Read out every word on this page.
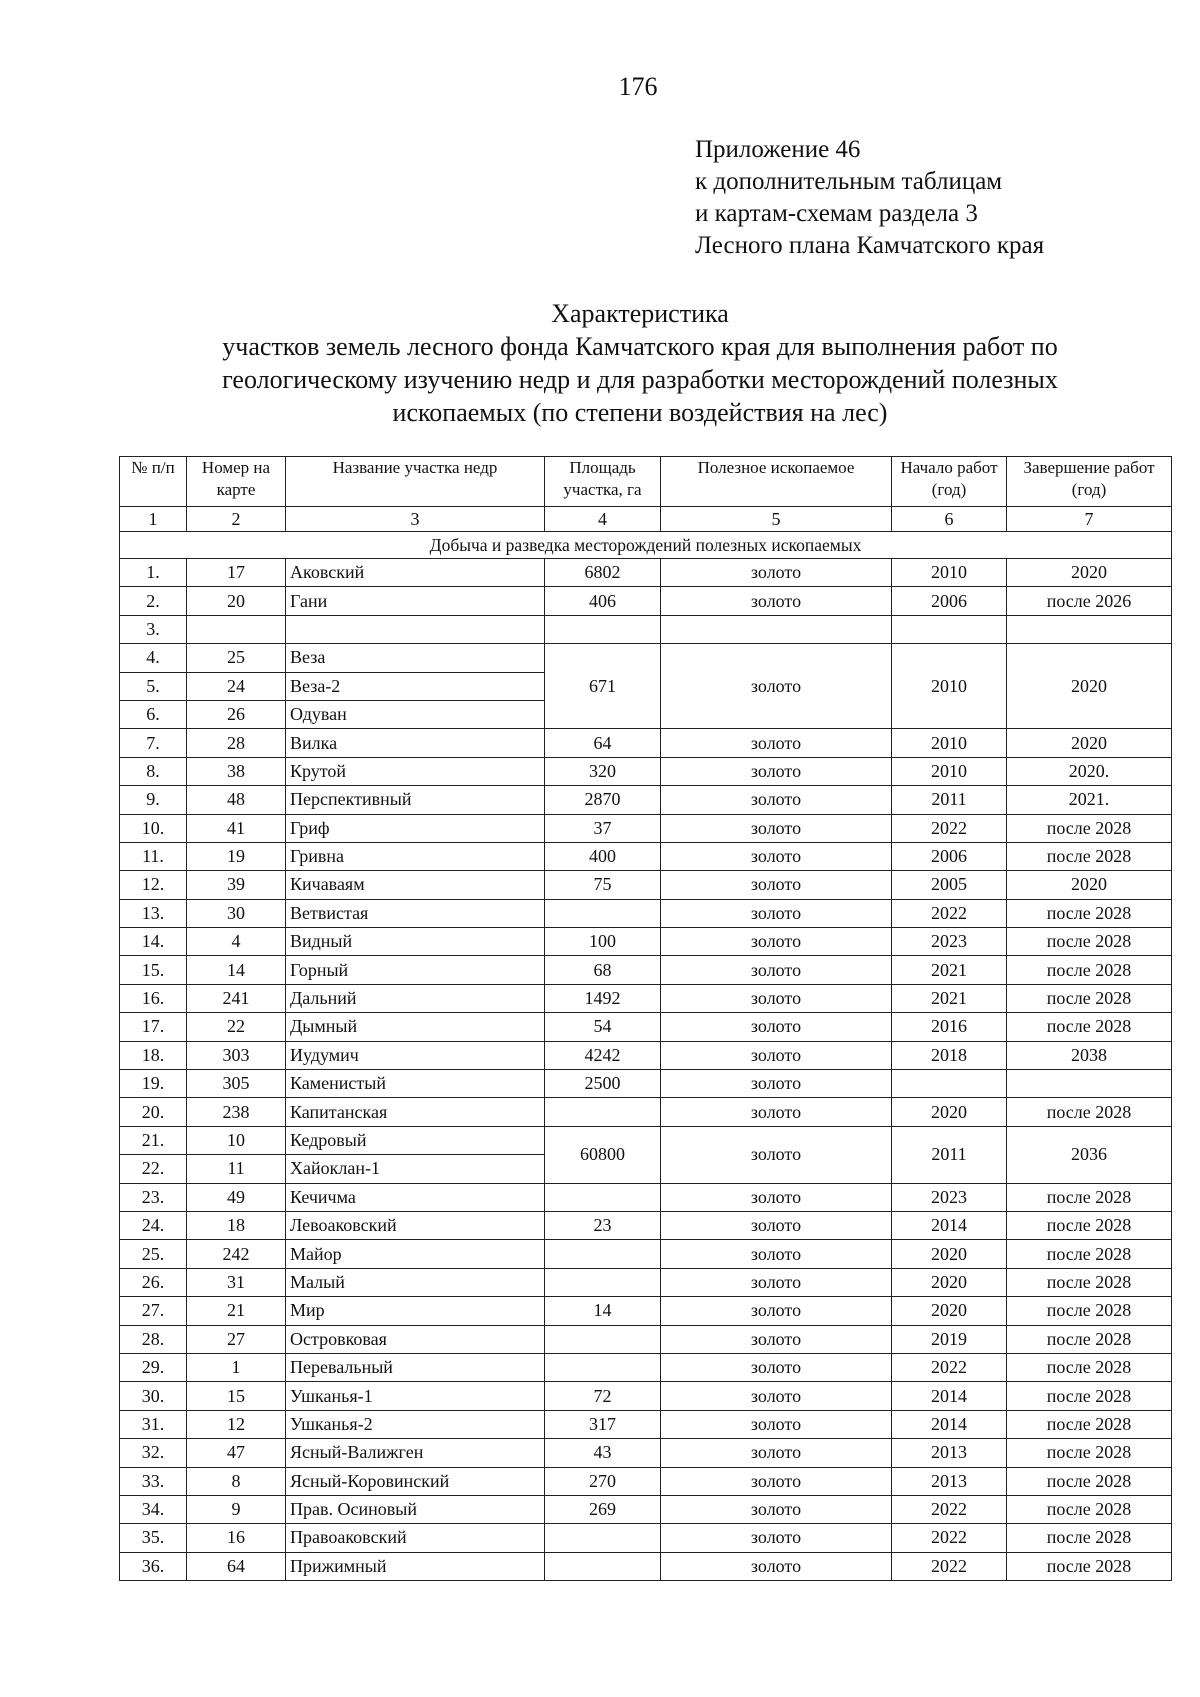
176
Приложение 46
к дополнительным таблицам
и картам-схемам раздела 3
Лесного плана Камчатского края
Характеристика
участков земель лесного фонда Камчатского края для выполнения работ по
геологическому изучению недр и для разработки месторождений полезных
ископаемых (по степени воздействия на лес)
№ п/п	Номер на карте	Название участка недр	Площадь участка, га	Полезное ископаемое	Начало работ (год)	Завершение работ (год)
1	2	3	4	5	6	7
Добыча и разведка месторождений полезных ископаемых						
1.	17	Аковский	6802	золото	2010	2020
2.	20	Гани	406	золото	2006	после 2026
3.						
4.	25	Веза	671	золото	2010	2020
5.	24	Веза-2				
6.	26	Одуван				
7.	28	Вилка	64	золото	2010	2020
8.	38	Крутой	320	золото	2010	2020.
9.	48	Перспективный	2870	золото	2011	2021.
10.	41	Гриф	37	золото	2022	после 2028
11.	19	Гривна	400	золото	2006	после 2028
12.	39	Кичаваям	75	золото	2005	2020
13.	30	Ветвистая		золото	2022	после 2028
14.	4	Видный	100	золото	2023	после 2028
15.	14	Горный	68	золото	2021	после 2028
16.	241	Дальний	1492	золото	2021	после 2028
17.	22	Дымный	54	золото	2016	после 2028
18.	303	Иудумич	4242	золото	2018	2038
19.	305	Каменистый	2500	золото		
20.	238	Капитанская		золото	2020	после 2028
21.	10	Кедровый	60800	золото	2011	2036
22.	11	Хайоклан-1				
23.	49	Кечичма		золото	2023	после 2028
24.	18	Левоаковский	23	золото	2014	после 2028
25.	242	Майор		золото	2020	после 2028
26.	31	Малый		золото	2020	после 2028
27.	21	Мир	14	золото	2020	после 2028
28.	27	Островковая		золото	2019	после 2028
29.	1	Перевальный		золото	2022	после 2028
30.	15	Ушканья-1	72	золото	2014	после 2028
31.	12	Ушканья-2	317	золото	2014	после 2028
32.	47	Ясный-Валижген	43	золото	2013	после 2028
33.	8	Ясный-Коровинский	270	золото	2013	после 2028
34.	9	Прав. Осиновый	269	золото	2022	после 2028
35.	16	Правоаковский		золото	2022	после 2028
36.	64	Прижимный		золото	2022	после 2028
